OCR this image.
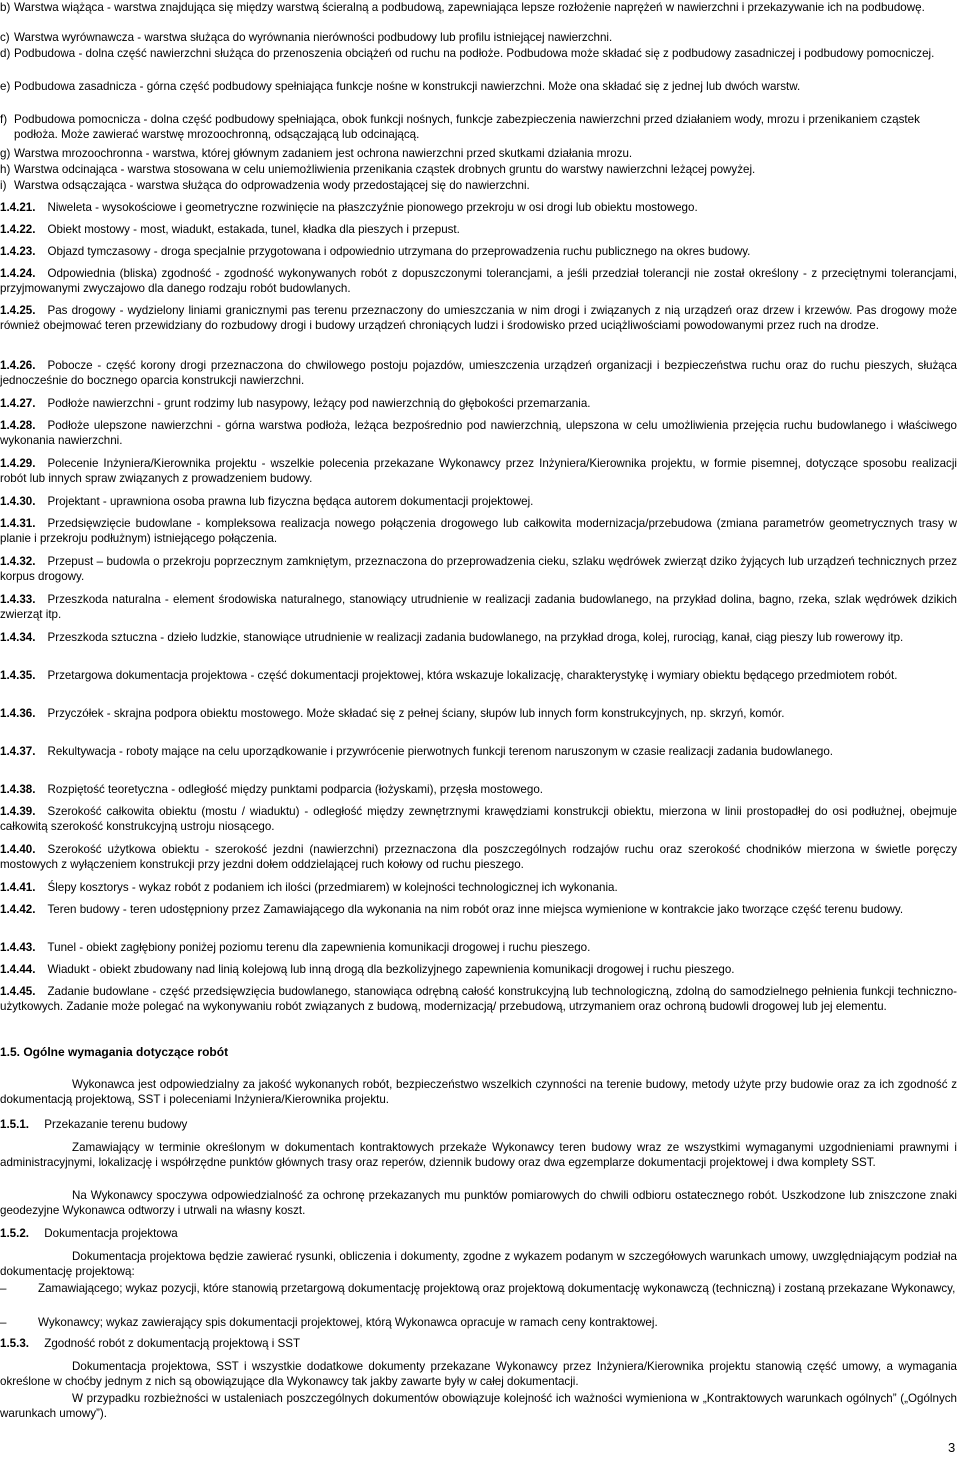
b) Warstwa wiążąca - warstwa znajdująca się między warstwą ścieralną a podbudową, zapewniająca lepsze rozłożenie naprężeń w nawierzchni i przekazywanie ich na podbudowę.
c) Warstwa wyrównawcza - warstwa służąca do wyrównania nierówności podbudowy lub profilu istniejącej nawierzchni.
d) Podbudowa - dolna część nawierzchni służąca do przenoszenia obciążeń od ruchu na podłoże. Podbudowa może składać się z podbudowy zasadniczej i podbudowy pomocniczej.
e) Podbudowa zasadnicza - górna część podbudowy spełniająca funkcje nośne w konstrukcji nawierzchni. Może ona składać się z jednej lub dwóch warstw.
f) Podbudowa pomocnicza - dolna część podbudowy spełniająca, obok funkcji nośnych, funkcje zabezpieczenia nawierzchni przed działaniem wody, mrozu i przenikaniem cząstek podłoża. Może zawierać warstwę mrozoochronną, odsączającą lub odcinającą.
g) Warstwa mrozoochronna - warstwa, której głównym zadaniem jest ochrona nawierzchni przed skutkami działania mrozu.
h) Warstwa odcinająca - warstwa stosowana w celu uniemożliwienia przenikania cząstek drobnych gruntu do warstwy nawierzchni leżącej powyżej.
i) Warstwa odsączająca - warstwa służąca do odprowadzenia wody przedostającej się do nawierzchni.
1.4.21. Niweleta - wysokościowe i geometryczne rozwinięcie na płaszczyźnie pionowego przekroju w osi drogi lub obiektu mostowego.
1.4.22. Obiekt mostowy - most, wiadukt, estakada, tunel, kładka dla pieszych i przepust.
1.4.23. Objazd tymczasowy - droga specjalnie przygotowana i odpowiednio utrzymana do przeprowadzenia ruchu publicznego na okres budowy.
1.4.24. Odpowiednia (bliska) zgodność - zgodność wykonywanych robót z dopuszczonymi tolerancjami, a jeśli przedział tolerancji nie został określony - z przeciętnymi tolerancjami, przyjmowanymi zwyczajowo dla danego rodzaju robót budowlanych.
1.4.25. Pas drogowy - wydzielony liniami granicznymi pas terenu przeznaczony do umieszczania w nim drogi i związanych z nią urządzeń oraz drzew i krzewów. Pas drogowy może również obejmować teren przewidziany do rozbudowy drogi i budowy urządzeń chroniących ludzi i środowisko przed uciążliwościami powodowanymi przez ruch na drodze.
1.4.26. Pobocze - część korony drogi przeznaczona do chwilowego postoju pojazdów, umieszczenia urządzeń organizacji i bezpieczeństwa ruchu oraz do ruchu pieszych, służąca jednocześnie do bocznego oparcia konstrukcji nawierzchni.
1.4.27. Podłoże nawierzchni - grunt rodzimy lub nasypowy, leżący pod nawierzchnią do głębokości przemarzania.
1.4.28. Podłoże ulepszone nawierzchni - górna warstwa podłoża, leżąca bezpośrednio pod nawierzchnią, ulepszona w celu umożliwienia przejęcia ruchu budowlanego i właściwego wykonania nawierzchni.
1.4.29. Polecenie Inżyniera/Kierownika projektu - wszelkie polecenia przekazane Wykonawcy przez Inżyniera/Kierownika projektu, w formie pisemnej, dotyczące sposobu realizacji robót lub innych spraw związanych z prowadzeniem budowy.
1.4.30. Projektant - uprawniona osoba prawna lub fizyczna będąca autorem dokumentacji projektowej.
1.4.31. Przedsięwzięcie budowlane - kompleksowa realizacja nowego połączenia drogowego lub całkowita modernizacja/przebudowa (zmiana parametrów geometrycznych trasy w planie i przekroju podłużnym) istniejącego połączenia.
1.4.32. Przepust – budowla o przekroju poprzecznym zamkniętym, przeznaczona do przeprowadzenia cieku, szlaku wędrówek zwierząt dziko żyjących lub urządzeń technicznych przez korpus drogowy.
1.4.33. Przeszkoda naturalna - element środowiska naturalnego, stanowiący utrudnienie w realizacji zadania budowlanego, na przykład dolina, bagno, rzeka, szlak wędrówek dzikich zwierząt itp.
1.4.34. Przeszkoda sztuczna - dzieło ludzkie, stanowiące utrudnienie w realizacji zadania budowlanego, na przykład droga, kolej, rurociąg, kanał, ciąg pieszy lub rowerowy itp.
1.4.35. Przetargowa dokumentacja projektowa - część dokumentacji projektowej, która wskazuje lokalizację, charakterystykę i wymiary obiektu będącego przedmiotem robót.
1.4.36. Przyczółek - skrajna podpora obiektu mostowego. Może składać się z pełnej ściany, słupów lub innych form konstrukcyjnych, np. skrzyń, komór.
1.4.37. Rekultywacja - roboty mające na celu uporządkowanie i przywrócenie pierwotnych funkcji terenom naruszonym w czasie realizacji zadania budowlanego.
1.4.38. Rozpiętość teoretyczna - odległość między punktami podparcia (łożyskami), przęsła mostowego.
1.4.39. Szerokość całkowita obiektu (mostu / wiaduktu) - odległość między zewnętrznymi krawędziami konstrukcji obiektu, mierzona w linii prostopadłej do osi podłużnej, obejmuje całkowitą szerokość konstrukcyjną ustroju niosącego.
1.4.40. Szerokość użytkowa obiektu - szerokość jezdni (nawierzchni) przeznaczona dla poszczególnych rodzajów ruchu oraz szerokość chodników mierzona w świetle poręczy mostowych z wyłączeniem konstrukcji przy jezdni dołem oddzielającej ruch kołowy od ruchu pieszego.
1.4.41. Ślepy kosztorys - wykaz robót z podaniem ich ilości (przedmiarem) w kolejności technologicznej ich wykonania.
1.4.42. Teren budowy - teren udostępniony przez Zamawiającego dla wykonania na nim robót oraz inne miejsca wymienione w kontrakcie jako tworzące część terenu budowy.
1.4.43. Tunel - obiekt zagłębiony poniżej poziomu terenu dla zapewnienia komunikacji drogowej i ruchu pieszego.
1.4.44. Wiadukt - obiekt zbudowany nad linią kolejową lub inną drogą dla bezkolizyjnego zapewnienia komunikacji drogowej i ruchu pieszego.
1.4.45. Zadanie budowlane - część przedsięwzięcia budowlanego, stanowiąca odrębną całość konstrukcyjną lub technologiczną, zdolną do samodzielnego pełnienia funkcji techniczno-użytkowych. Zadanie może polegać na wykonywaniu robót związanych z budową, modernizacją/ przebudową, utrzymaniem oraz ochroną budowli drogowej lub jej elementu.
1.5. Ogólne wymagania dotyczące robót
Wykonawca jest odpowiedzialny za jakość wykonanych robót, bezpieczeństwo wszelkich czynności na terenie budowy, metody użyte przy budowie oraz za ich zgodność z dokumentacją projektową, SST i poleceniami Inżyniera/Kierownika projektu.
1.5.1. Przekazanie terenu budowy
Zamawiający w terminie określonym w dokumentach kontraktowych przekaże Wykonawcy teren budowy wraz ze wszystkimi wymaganymi uzgodnieniami prawnymi i administracyjnymi, lokalizację i współrzędne punktów głównych trasy oraz reperów, dziennik budowy oraz dwa egzemplarze dokumentacji projektowej i dwa komplety SST.
Na Wykonawcy spoczywa odpowiedzialność za ochronę przekazanych mu punktów pomiarowych do chwili odbioru ostatecznego robót. Uszkodzone lub zniszczone znaki geodezyjne Wykonawca odtworzy i utrwali na własny koszt.
1.5.2. Dokumentacja projektowa
Dokumentacja projektowa będzie zawierać rysunki, obliczenia i dokumenty, zgodne z wykazem podanym w szczegółowych warunkach umowy, uwzględniającym podział na dokumentację projektową:
–	Zamawiającego; wykaz pozycji, które stanowią przetargową dokumentację projektową oraz projektową dokumentację wykonawczą (techniczną) i zostaną przekazane Wykonawcy,
–	Wykonawcy; wykaz zawierający spis dokumentacji projektowej, którą Wykonawca opracuje w ramach ceny kontraktowej.
1.5.3. Zgodność robót z dokumentacją projektową i SST
Dokumentacja projektowa, SST i wszystkie dodatkowe dokumenty przekazane Wykonawcy przez Inżyniera/Kierownika projektu stanowią część umowy, a wymagania określone w choćby jednym z nich są obowiązujące dla Wykonawcy tak jakby zawarte były w całej dokumentacji.
W przypadku rozbieżności w ustaleniach poszczególnych dokumentów obowiązuje kolejność ich ważności wymieniona w „Kontraktowych warunkach ogólnych” („Ogólnych warunkach umowy”).
3
